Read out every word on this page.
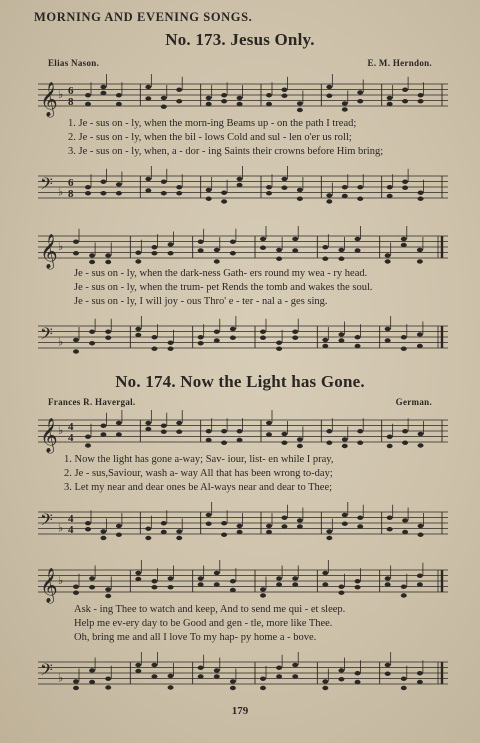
MORNING AND EVENING SONGS.
No. 173. Jesus Only.
Elias Nason.	E. M. Herndon.
𝄞 ♭ 6
8
1. Je - sus on - ly, when the morn-ing Beams up - on the path I tread;
2. Je - sus on - ly, when the bil - lows Cold and sul - len o'er us roll;
3. Je - sus on - ly, when, a - dor - ing Saints their crowns before Him bring;
𝄢 ♭
6
8
𝄞 ♭
Je - sus on - ly, when the dark-ness Gath- ers round my wea - ry head.
Je - sus on - ly, when the trum- pet Rends the tomb and wakes the soul.
Je - sus on - ly, I will joy - ous Thro' e - ter - nal a - ges sing.
𝄢 ♭
No. 174. Now the Light has Gone.
Frances R. Havergal.	German.
𝄞 ♭ 4
4
1. Now the light has gone a-way; Sav- iour, list- en while I pray,
2. Je - sus,Saviour, wash a- way All that has been wrong to-day;
3. Let my near and dear ones be Al-ways near and dear to Thee;
𝄢 ♭
4
4
𝄞 ♭
Ask - ing Thee to watch and keep, And to send me qui - et sleep.
Help me ev-ery day to be Good and gen - tle, more like Thee.
Oh, bring me and all I love To my hap- py home a - bove.
𝄢 ♭
179
